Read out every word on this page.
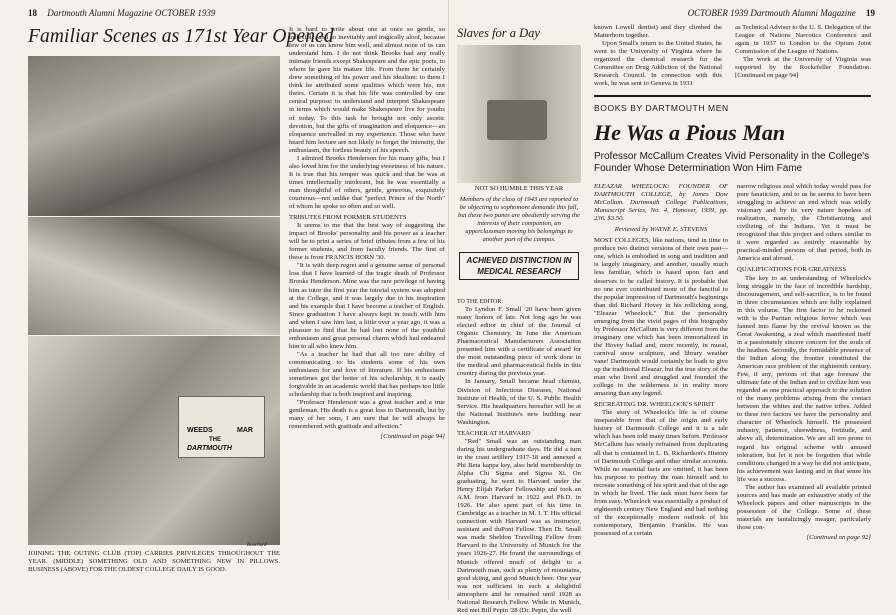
18 Dartmouth Alumni Magazine OCTOBER 1939
Familiar Scenes as 171st Year Opened
WEEDS	MAR
THE
DARTMOUTH
Bouchard
JOINING THE OUTING CLUB (TOP) CARRIES PRIVILEGES THROUGHOUT THE YEAR. (MIDDLE) SOMETHING OLD AND SOMETHING NEW IN PILLOWS. BUSINESS (ABOVE) FOR THE OLDEST COLLEGE DAILY IS GOOD.

It is hard to write about one at once so gentle, so inflexible, and so inevitably and tragically aloof, because few of us can know him well, and almost none of us can understand him. I do not think Brooks had any really intimate friends except Shakespeare and the epic poets, to whom he gave his mature life. From them he certainly drew something of his power and his idealism: to them I think he attributed some qualities which were his, not theirs. Certain it is that his life was controlled by one central purpose: to understand and interpret Shakespeare in terms which would make Shakespeare live for youths of today. To this task he brought not only ascetic devotion, but the gifts of imagination and eloquence—an eloquence unrivalled in my experience. Those who have heard him lecture are not likely to forget the intensity, the enthusiasm, the fortless beauty of his speech.

I admired Brooks Henderson for his many gifts, but I also loved him for the underlying sweetness of his nature. It is true that his temper was quick and that he was at times intellectually intolerant, but he was essentially a man thoughtful of others, gentle, generous, exquisitely courteous—not unlike that "perfect Prince of the North" of whom he spoke so often and so well.

TRIBUTES FROM FORMER STUDENTS

It seems to me that the best way of suggesting the impact of Brooks' personality and his power as a teacher will be to print a series of brief tributes from a few of his former students, and from faculty friends. The first of these is from FRANCIS HORN '30.

"It is with deep regret and a genuine sense of personal loss that I have learned of the tragic death of Professor Brooks Henderson. Mine was the rare privilege of having him as tutor the first year the tutorial system was adopted at the College, and it was largely due to his inspiration and his example that I have become a teacher of English. Since graduation I have always kept in touch with him and when I saw him last, a little over a year ago, it was a pleasure to find that he had lost none of the youthful enthusiasm and great personal charm which had endeared him to all who knew him.

"As a teacher he had that all too rare ability of communicating to his students some of his own enthusiasm for and love of literature. If his enthusiasm sometimes got the better of his scholarship, it is easily forgivable in an academic world that has perhaps too little scholarship that is both inspired and inspiring.

"Professor Henderson was a great teacher and a true gentleman. His death is a great loss to Dartmouth, but by many of her sons, I am sure that he will always be remembered with gratitude and affection."

[Continued on page 94]

OCTOBER 1939 Dartmouth Alumni Magazine 19
Slaves for a Day
NOT SO HUMBLE THIS YEAR
Members of the class of 1943 are reported to be objecting to sophomore demands this fall, but these two panes are obediently serving the interests of their companion, an upperclassman moving his belongings to another part of the campus.
ACHIEVED DISTINCTION IN MEDICAL RESEARCH

TO THE EDITOR:

To Lyndon F. Small '20 have been given many honors of late. Not long ago he was elected editor in chief of the Journal of Organic Chemistry. In June the American Pharmaceutical Manufacturers Association presented him with a certificate of award for the most outstanding piece of work done in the medical and pharmaceutical fields in this country during the previous year.

In January, Small became head chemist, Division of Infectious Diseases, National Institute of Health, of the U. S. Public Health Service. His headquarters hereafter will be at the National Institute's new building near Washington.

TEACHER AT HARVARD

"Red" Small was an outstanding man during his undergraduate days. He did a turn in the coast artillery 1917-18 and annexed a Phi Beta kappa key, also held membership in Alpha Chi Sigma and Sigma Xi. On graduating, he went to Harvard under the Henry Elijah Parker Fellowship and took an A.M. from Harvard in 1922 and Ph.D. in 1926. He also spent part of his time in Cambridge as a teacher in M. I. T. His official connection with Harvard was as instructor, assistant and duPont Fellow. Then Dr. Small was made Sheldon Travelling Fellow from Harvard to the University of Munich for the years 1926-27. He found the surroundings of Munich offered much of delight to a Dartmouth man, such as plenty of mountains, good skiing, and good Munich beer. One year was not sufficient in such a delightful atmosphere and he remained until 1928 as National Research Fellow. While in Munich, Red met Bill Pepin '28 (Dr. Pepin, the well

known Lowell dentist) and they climbed the Matterhorn together.

Upon Small's return to the United States, he went to the University of Virginia where he organized the chemical research for the Committee on Drug Addiction of the National Research Council. In connection with this work, he was sent to Geneva in 1931

as Technical Adviser to the U. S. Delegation of the League of Nations Narcotics Conference and again in 1937 to London to the Opium Joint Commission of the League of Nations.

The work at the University of Virginia was supported by the Rockefeller Foundation. [Continued on page 94]

BOOKS BY DARTMOUTH MEN
He Was a Pious Man
Professor McCallum Creates Vivid Personality in the College's Founder Whose Determination Won Him Fame

ELEAZAR WHEELOCK: FOUNDER OF DARTMOUTH COLLEGE, by James Dow McCallum. Dartmouth College Publications, Manuscript Series, No. 4, Hanover, 1939, pp. 236. $3.50.

Reviewed by WAYNE E. STEVENS

MOST COLLEGES, like nations, tend in time to produce two distinct versions of their own past—one, which is embodied in song and tradition and is largely imaginary, and another, usually much less familiar, which is based upon fact and deserves to be called history. It is probable that no one ever contributed more of the fanciful to the popular impression of Dartmouth's beginnings than did Richard Hovey in his rollicking song, "Eleazar Wheelock." But the personality emerging from the vivid pages of this biography by Professor McCallum is very different from the imaginary one which has been immortalized in the Hovey ballad and, more recently, in mural, carnival snow sculpture, and library weather vane! Dartmouth would certainly be loath to give up the traditional Eleazar, but the true story of the man who lived and struggled and founded the college in the wilderness is in reality more amazing than any legend.

RECREATING DR. WHEELOCK'S SPIRIT

The story of Wheelock's life is of course inseparable from that of the origin and early history of Dartmouth College and it is a tale which has been told many times before. Professor McCallum has wisely refrained from duplicating all that is contained in L. B. Richardson's History of Dartmouth College and other similar accounts. While no essential facts are omitted, it has been his purpose to portray the man himself and to recreate something of his spirit and that of the age in which he lived. The task must have been far from easy. Wheelock was essentially a product of eighteenth century New England and had nothing of the exceptionally modern outlook of his contemporary, Benjamin Franklin. He was possessed of a certain

narrow religious zeal which today would pass for pure fanaticism, and to us he seems to have been struggling to achieve an end which was wildly visionary and by its very nature hopeless of realization, namely, the Christianizing and civilizing of the Indians. Yet it must be recognized that this project and others similar to it were regarded as entirely reasonable by practical-minded persons of that period, both in America and abroad.

QUALIFICATIONS FOR GREATNESS

The key to an understanding of Wheelock's long struggle in the face of incredible hardship, discouragement, and self-sacrifice, is to be found in three circumstances which are fully explained in this volume. The first factor to be reckoned with is the Puritan religious fervor which was fanned into flame by the revival known as the Great Awakening, a zeal which manifested itself in a passionately sincere concern for the souls of the heathen. Secondly, the formidable presence of the Indian along the frontier constituted the American race problem of the eighteenth century. Few, if any, persons of that age foresaw the ultimate fate of the Indian and to civilize him was regarded as one practical approach to the solution of the many problems arising from the contact between the whites and the native tribes. Added to these two factors we have the personality and character of Wheelock himself. He possessed industry, patience, shrewdness, fortitude, and above all, determination. We are all too prone to regard his original scheme with amused toleration, but let it not be forgotten that while conditions changed in a way he did not anticipate, his achievement was lasting and in that sense his life was a success.

The author has examined all available printed sources and has made an exhaustive study of the Wheelock papers and other manuscripts in the possession of the College. Some of these materials are tantalizingly meager, particularly those con-

[Continued on page 92]
